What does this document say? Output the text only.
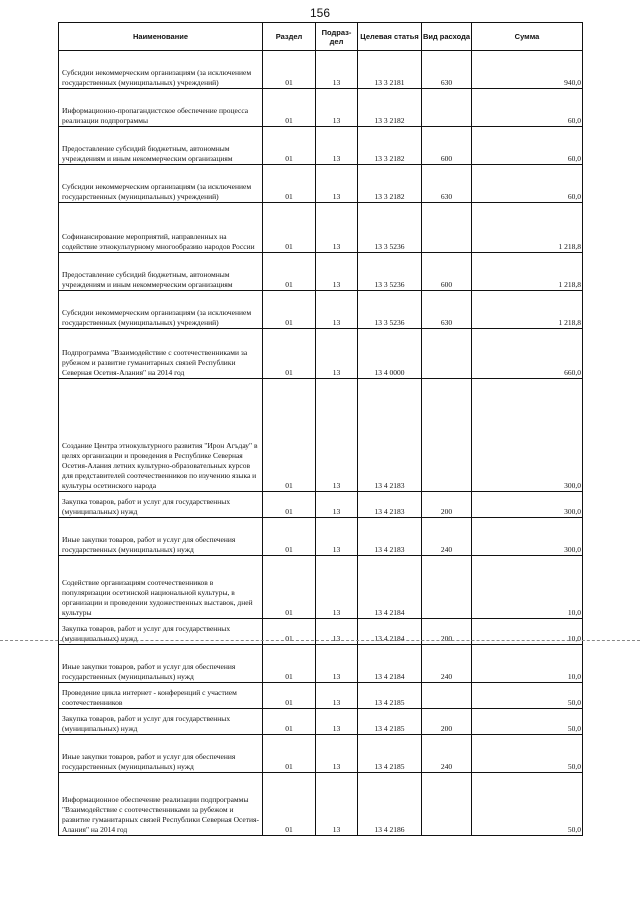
156
Наименование	Раздел	Подраз-дел	Целевая статья	Вид расхода	Сумма
Субсидии некоммерческим организациям (за исключением государственных (муниципальных) учреждений)	01	13	13 3 2181	630	940,0
Информационно-пропагандистское обеспечение процесса реализации подпрограммы	01	13	13 3 2182		60,0
Предоставление субсидий бюджетным, автономным учреждениям и иным некоммерческим организациям	01	13	13 3 2182	600	60,0
Субсидии некоммерческим организациям (за исключением государственных (муниципальных) учреждений)	01	13	13 3 2182	630	60,0
Софинансирование мероприятий, направленных на содействие этнокультурному многообразию народов России	01	13	13 3 5236		1 218,8
Предоставление субсидий бюджетным, автономным учреждениям и иным некоммерческим организациям	01	13	13 3 5236	600	1 218,8
Субсидии некоммерческим организациям (за исключением государственных (муниципальных) учреждений)	01	13	13 3 5236	630	1 218,8
Подпрограмма "Взаимодействие с соотечественниками за рубежом и развитие гуманитарных связей Республики Северная Осетия-Алания" на 2014 год	01	13	13 4 0000		660,0
Создание Центра этнокультурного развития "Ирон Агъдау" в целях организации и проведения в Республике Северная Осетия-Алания летних культурно-образовательных курсов для представителей соотечественников по изучению языка и культуры осетинского народа	01	13	13 4 2183		300,0
Закупка товаров, работ и услуг для государственных (муниципальных) нужд	01	13	13 4 2183	200	300,0
Иные закупки товаров, работ и услуг для обеспечения государственных (муниципальных) нужд	01	13	13 4 2183	240	300,0
Содействие организациям соотечественников в популяризации осетинской национальной культуры, в организации и проведении художественных выставок, дней культуры	01	13	13 4 2184		10,0
Закупка товаров, работ и услуг для государственных (муниципальных) нужд	01	13	13 4 2184	200	10,0
Иные закупки товаров, работ и услуг для обеспечения государственных (муниципальных) нужд	01	13	13 4 2184	240	10,0
Проведение цикла интернет - конференций с участием соотечественников	01	13	13 4 2185		50,0
Закупка товаров, работ и услуг для государственных (муниципальных) нужд	01	13	13 4 2185	200	50,0
Иные закупки товаров, работ и услуг для обеспечения государственных (муниципальных) нужд	01	13	13 4 2185	240	50,0
Информационное обеспечение реализации подпрограммы "Взаимодействие с соотечественниками за рубежом и развитие гуманитарных связей Республики Северная Осетия-Алания" на 2014 год	01	13	13 4 2186		50,0
